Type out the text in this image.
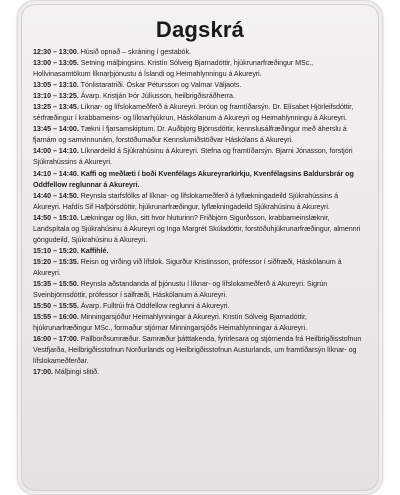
Dagskrá

12:30 – 13:00. Húsið opnað – skráning í gestabók.

13:00 – 13:05. Setning málþingsins. Kristín Sólveig Bjarnadóttir, hjúkrunarfræðingur MSc., Hollvinasamtökum líknarþjónustu á Íslandi og Heimahlynningu á Akureyri.

13:05 – 13:10. Tónlistaratriði. Óskar Pétursson og Valmar Väljaots.

13:10 – 13:25. Ávarp. Kristján Þór Júlíusson, heilbrigðisráðherra.

13:25 – 13:45. Líknar- og lífslokameðferð á Akureyri. Þróun og framtíðarsýn. Dr. Elísabet Hjörleifsdóttir, sérfræðingur í krabbameins- og líknarhjúkrun, Háskólanum á Akureyri og Heimahlynningu á Akureyri.

13:45 – 14:00. Tækni í fjarsamskiptum. Dr. Auðbjörg Björnsdóttir, kennslusálfræðingur með áherslu á fjarnám og samvinnunám, forstöðumaður Kennslumiðstöðvar Háskólans á Akureyri.

14:00 – 14:10. Líknardeild á Sjúkrahúsinu á Akureyri. Stefna og framtíðarsýn. Bjarni Jónasson, forstjóri Sjúkrahússins á Akureyri.

14:10 – 14:40. Kaffi og meðlæti í boði Kvenfélags Akureyrarkirkju, Kvenfélagsins Baldursbrár og Oddfellow reglunnar á Akureyri.

14:40 – 14:50. Reynsla starfsfólks af líknar- og lífslokameðferð á lyflækningadeild Sjúkrahússins á Akureyri. Hafdís Sif Hafþórsdóttir, hjúkrunarfræðingur, lyflækningadeild Sjúkrahúsinu á Akureyri.

14:50 – 15:10. Lækningar og líkn, sitt hvor hluturinn? Friðbjörn Sigurðsson, krabbameinslæknir, Landspítala og Sjúkrahúsinu á Akureyri og Inga Margrét Skúladóttir, forstöðuhjúkrunarfræðingur, almennri göngudeild, Sjúkrahúsinu á Akureyri.

15:10 – 15:20. Kaffihlé.

15:20 – 15:35. Reisn og virðing við lífslok. Sigurður Kristinsson, prófessor í siðfræði, Háskólanum á Akureyri.

15:35 – 15:50. Reynsla aðstandanda af þjónustu í líknar- og lífslokameðferð á Akureyri. Sigrún Sveinbjörnsdóttir, prófessor í sálfræði, Háskólanum á Akureyri.

15:50 – 15:55. Ávarp. Fulltrúi frá Oddfellow reglunni á Akureyri.

15:55 – 16:00. Minningarsjóður Heimahlynningar á Akureyri. Kristín Sólveig Bjarnadóttir, hjúkrunarfræðingur MSc., formaður stjórnar Minningarsjóðs Heimahlynningar á Akureyri.

16:00 – 17:00. Pallborðsumræður. Samræður þátttakenda, fyrirlesara og stjórnenda frá Heilbrigðisstofnun Vestfjarða, Heilbrigðisstofnun Norðurlands og Heilbrigðisstofnun Austurlands, um framtíðarsýn líknar- og lífslokameðferðar.

17:00. Málþingi slitið.
